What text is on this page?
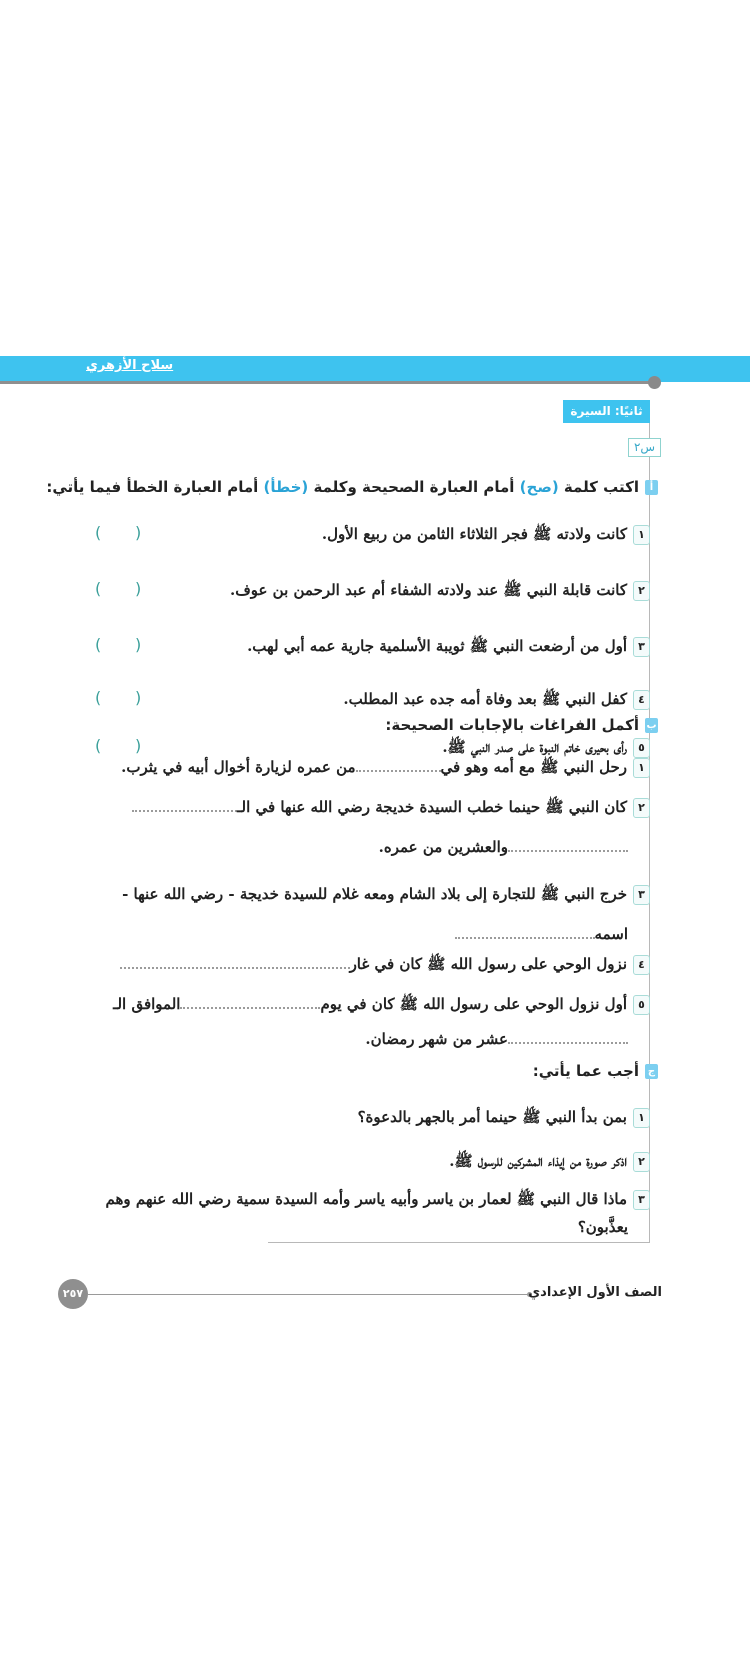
سلاح الأزهري
ثانيًا: السيرة
س٢
أاكتب كلمة (صح) أمام العبارة الصحيحة وكلمة (خطأ) أمام العبارة الخطأ فيما يأتي:
١كانت ولادته ﷺ فجر الثلاثاء الثامن من ربيع الأول.
( )
٢كانت قابلة النبي ﷺ عند ولادته الشفاء أم عبد الرحمن بن عوف.
( )
٣أول من أرضعت النبي ﷺ ثويبة الأسلمية جارية عمه أبي لهب.
( )
٤كفل النبي ﷺ بعد وفاة أمه جده عبد المطلب.
( )
٥رأى بحيرى خاتم النبوة على صدر النبي ﷺ.
( )
بأكمل الفراغات بالإجابات الصحيحة:
١رحل النبي ﷺ مع أمه وهو فيمن عمره لزيارة أخوال أبيه في يثرب.
٢كان النبي ﷺ حينما خطب السيدة خديجة رضي الله عنها في الـ
والعشرين من عمره.
٣خرج النبي ﷺ للتجارة إلى بلاد الشام ومعه غلام للسيدة خديجة - رضي الله عنها -
اسمه
٤نزول الوحي على رسول الله ﷺ كان في غار
٥أول نزول الوحي على رسول الله ﷺ كان في يومالموافق الـ
عشر من شهر رمضان.
جأجب عما يأتي:
١بمن بدأ النبي ﷺ حينما أمر بالجهر بالدعوة؟
٢اذكر صورة من إيذاء المشركين للرسول ﷺ.
٣ماذا قال النبي ﷺ لعمار بن ياسر وأبيه ياسر وأمه السيدة سمية رضي الله عنهم وهم
يعذَّبون؟
٢٥٧	الصف الأول الإعدادي
